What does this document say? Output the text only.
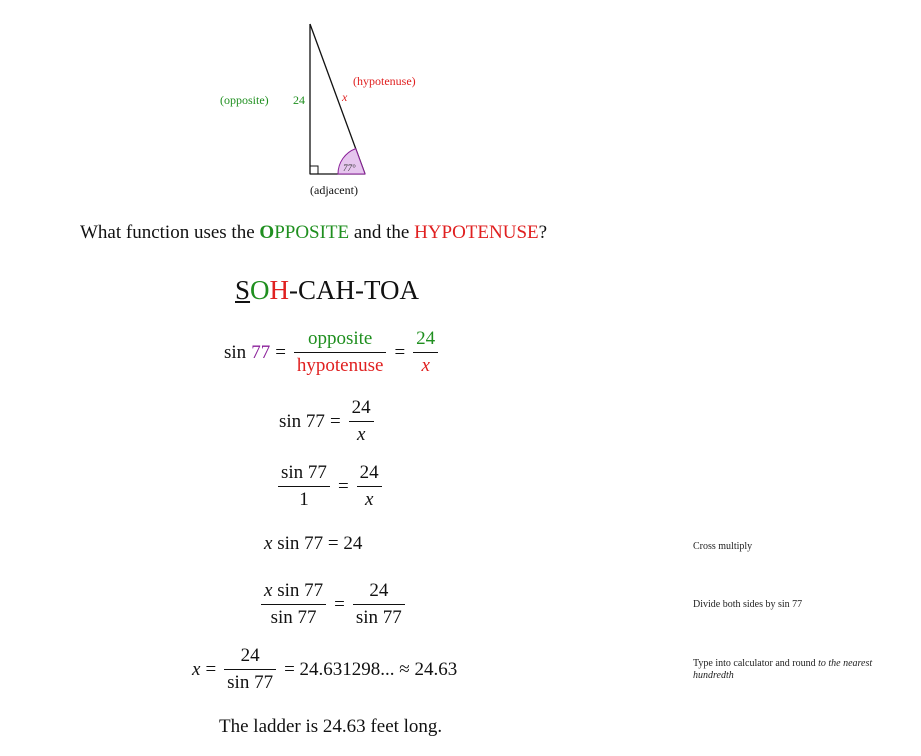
77°
(opposite) 24
(hypotenuse)
x
(adjacent)
What function uses the OPPOSITE and the HYPOTENUSE?
SOH-CAH-TOA
$\sin 77 = \frac{\text{opposite}}{\text{hypotenuse}} = \frac{24}{x}$
$\sin 77 = \frac{24}{x}$
$\frac{\sin 77}{1} = \frac{24}{x}$
x sin 77 = 24
$\frac{\text{x sin 77}}{\sin 77} = \frac{24}{\sin 77}$
$x = \frac{24}{\sin 77} = 24.631298$... ≈ 24.63
Cross multiply
Divide both sides by sin 77
Type into calculator and round to the nearest
hundredth
The ladder is 24.63 feet long.
